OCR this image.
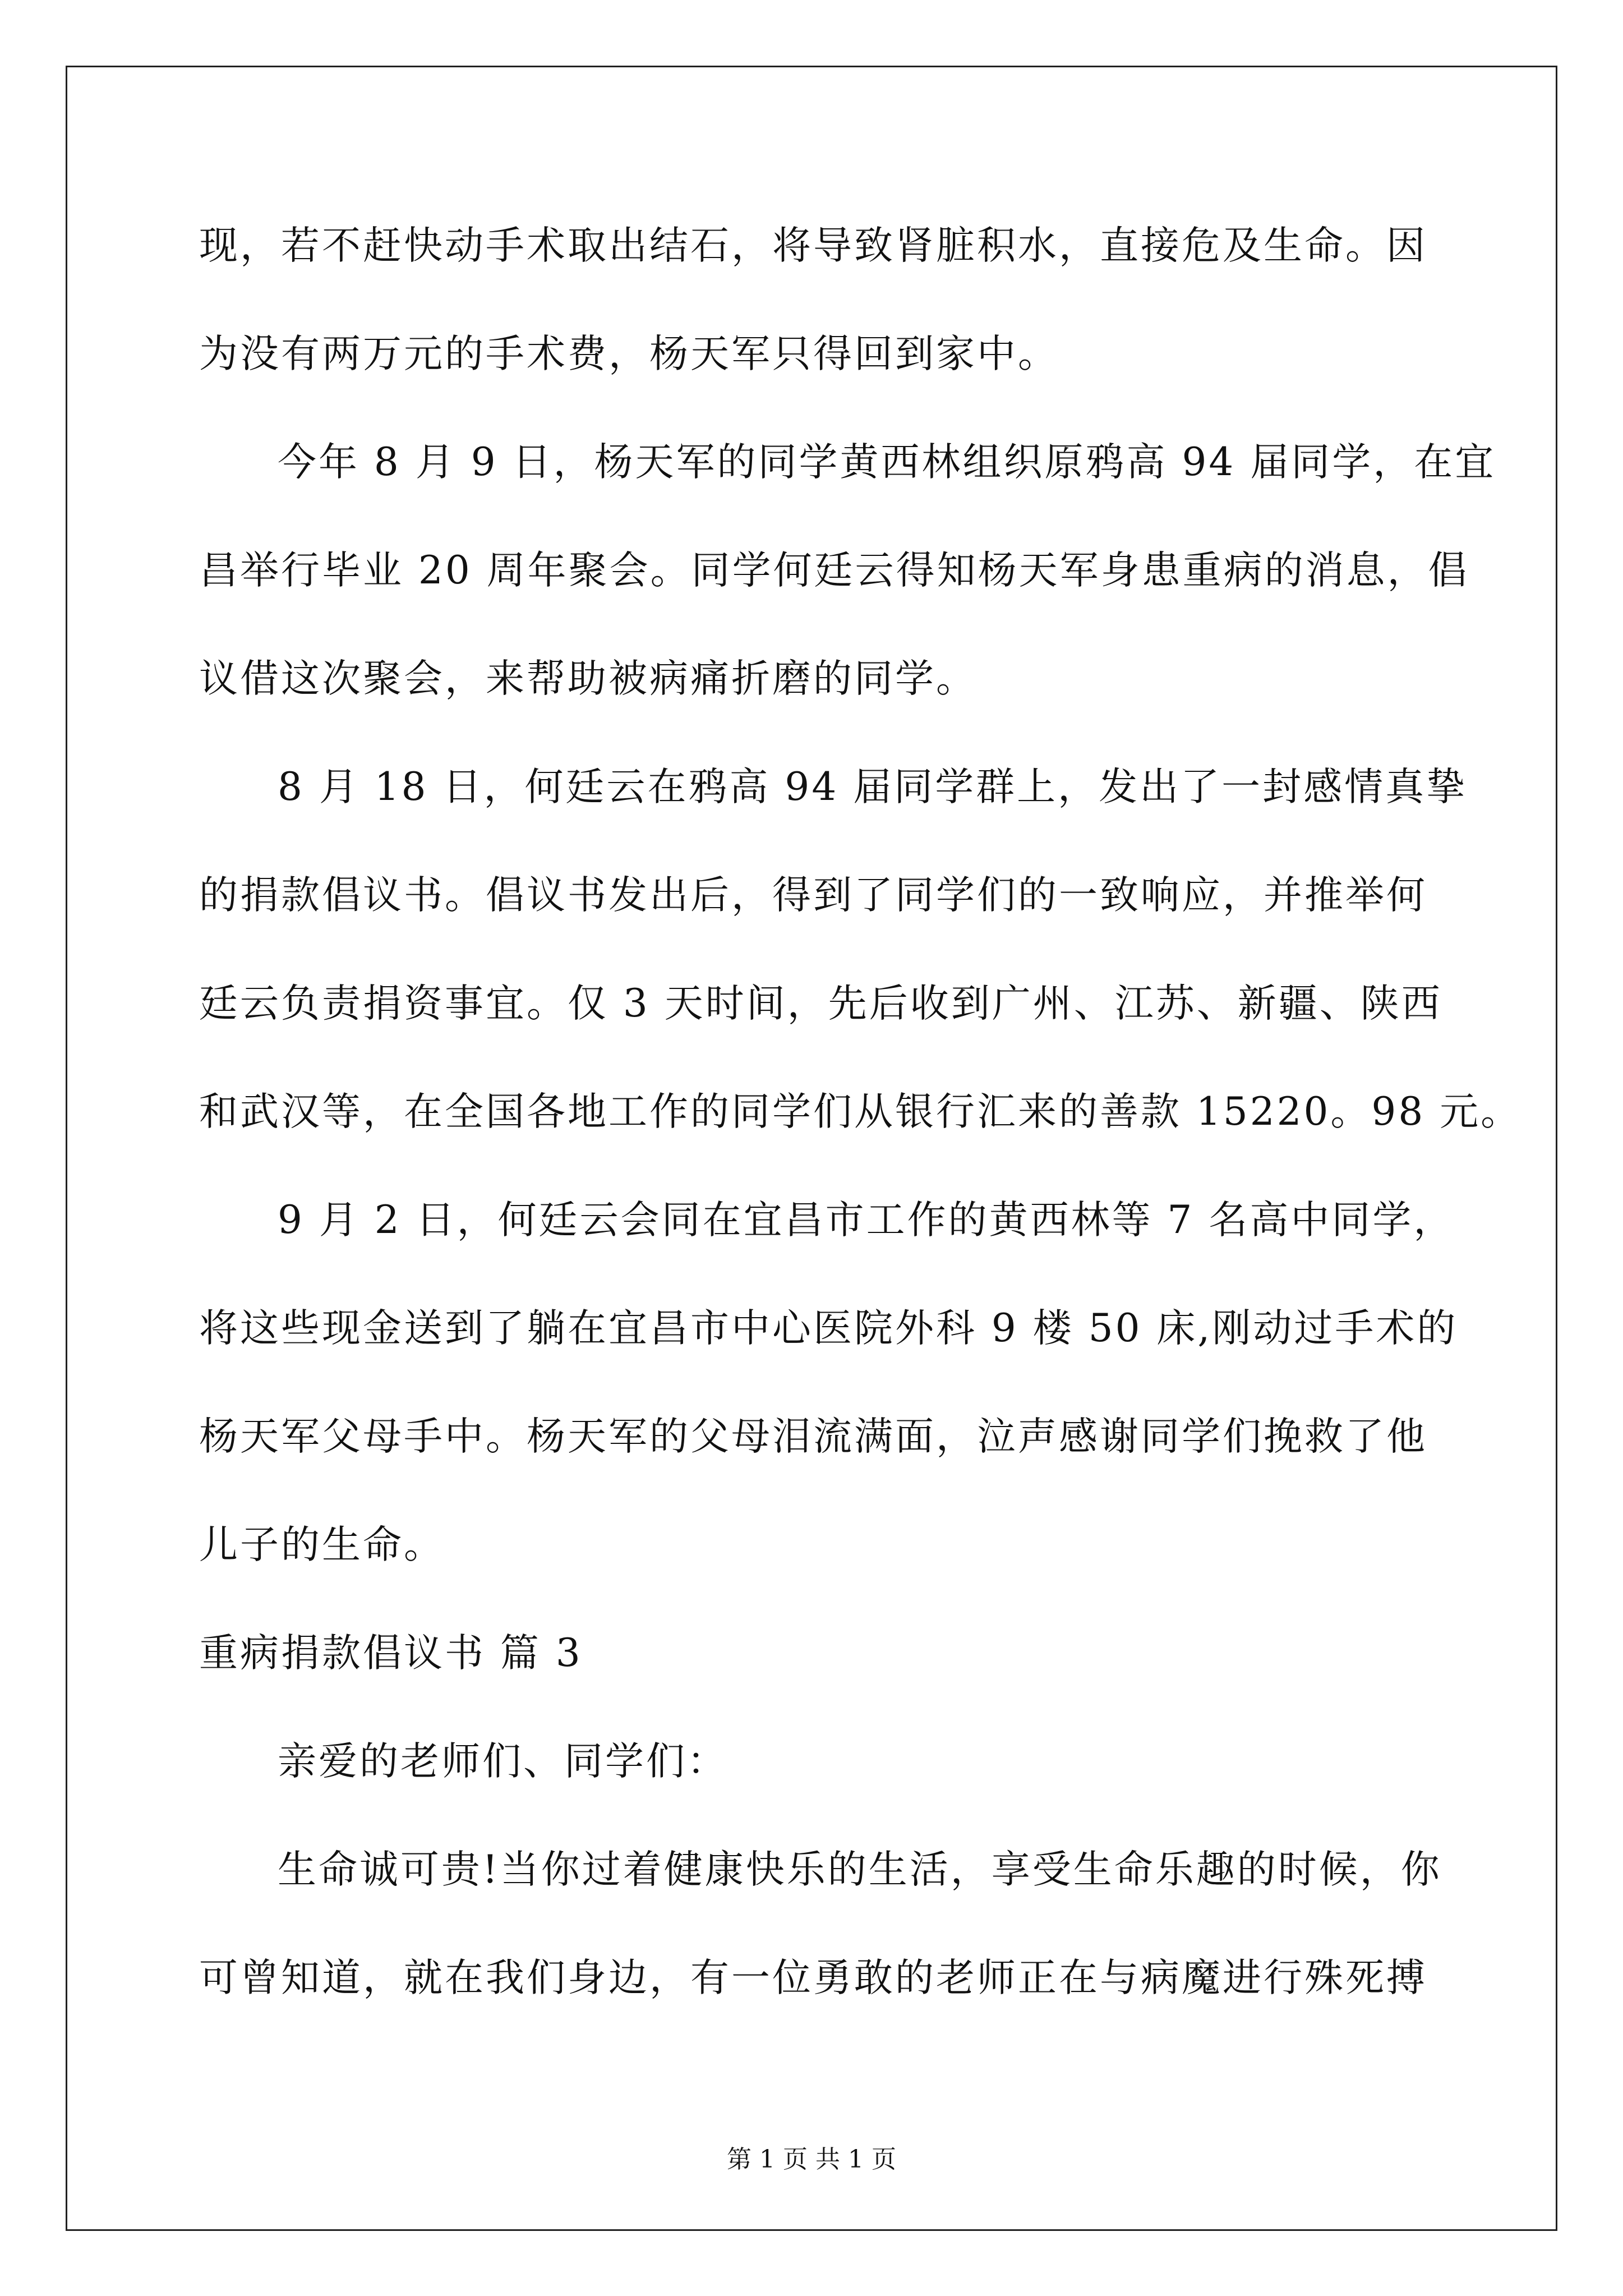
现，若不赶快动手术取出结石，将导致肾脏积水，直接危及生命。因
为没有两万元的手术费，杨天军只得回到家中。
今年 8 月 9 日，杨天军的同学黄西林组织原鸦高 94 届同学，在宜
昌举行毕业 20 周年聚会。同学何廷云得知杨天军身患重病的消息，倡
议借这次聚会，来帮助被病痛折磨的同学。
8 月 18 日，何廷云在鸦高 94 届同学群上，发出了一封感情真挚
的捐款倡议书。倡议书发出后，得到了同学们的一致响应，并推举何
廷云负责捐资事宜。仅 3 天时间，先后收到广州、江苏、新疆、陕西
和武汉等，在全国各地工作的同学们从银行汇来的善款 15220。98 元。
9 月 2 日，何廷云会同在宜昌市工作的黄西林等 7 名高中同学，
将这些现金送到了躺在宜昌市中心医院外科 9 楼 50 床,刚动过手术的
杨天军父母手中。杨天军的父母泪流满面，泣声感谢同学们挽救了他
儿子的生命。
重病捐款倡议书 篇 3
亲爱的老师们、同学们：
生命诚可贵!当你过着健康快乐的生活，享受生命乐趣的时候，你
可曾知道，就在我们身边，有一位勇敢的老师正在与病魔进行殊死搏
第 1 页 共 1 页
